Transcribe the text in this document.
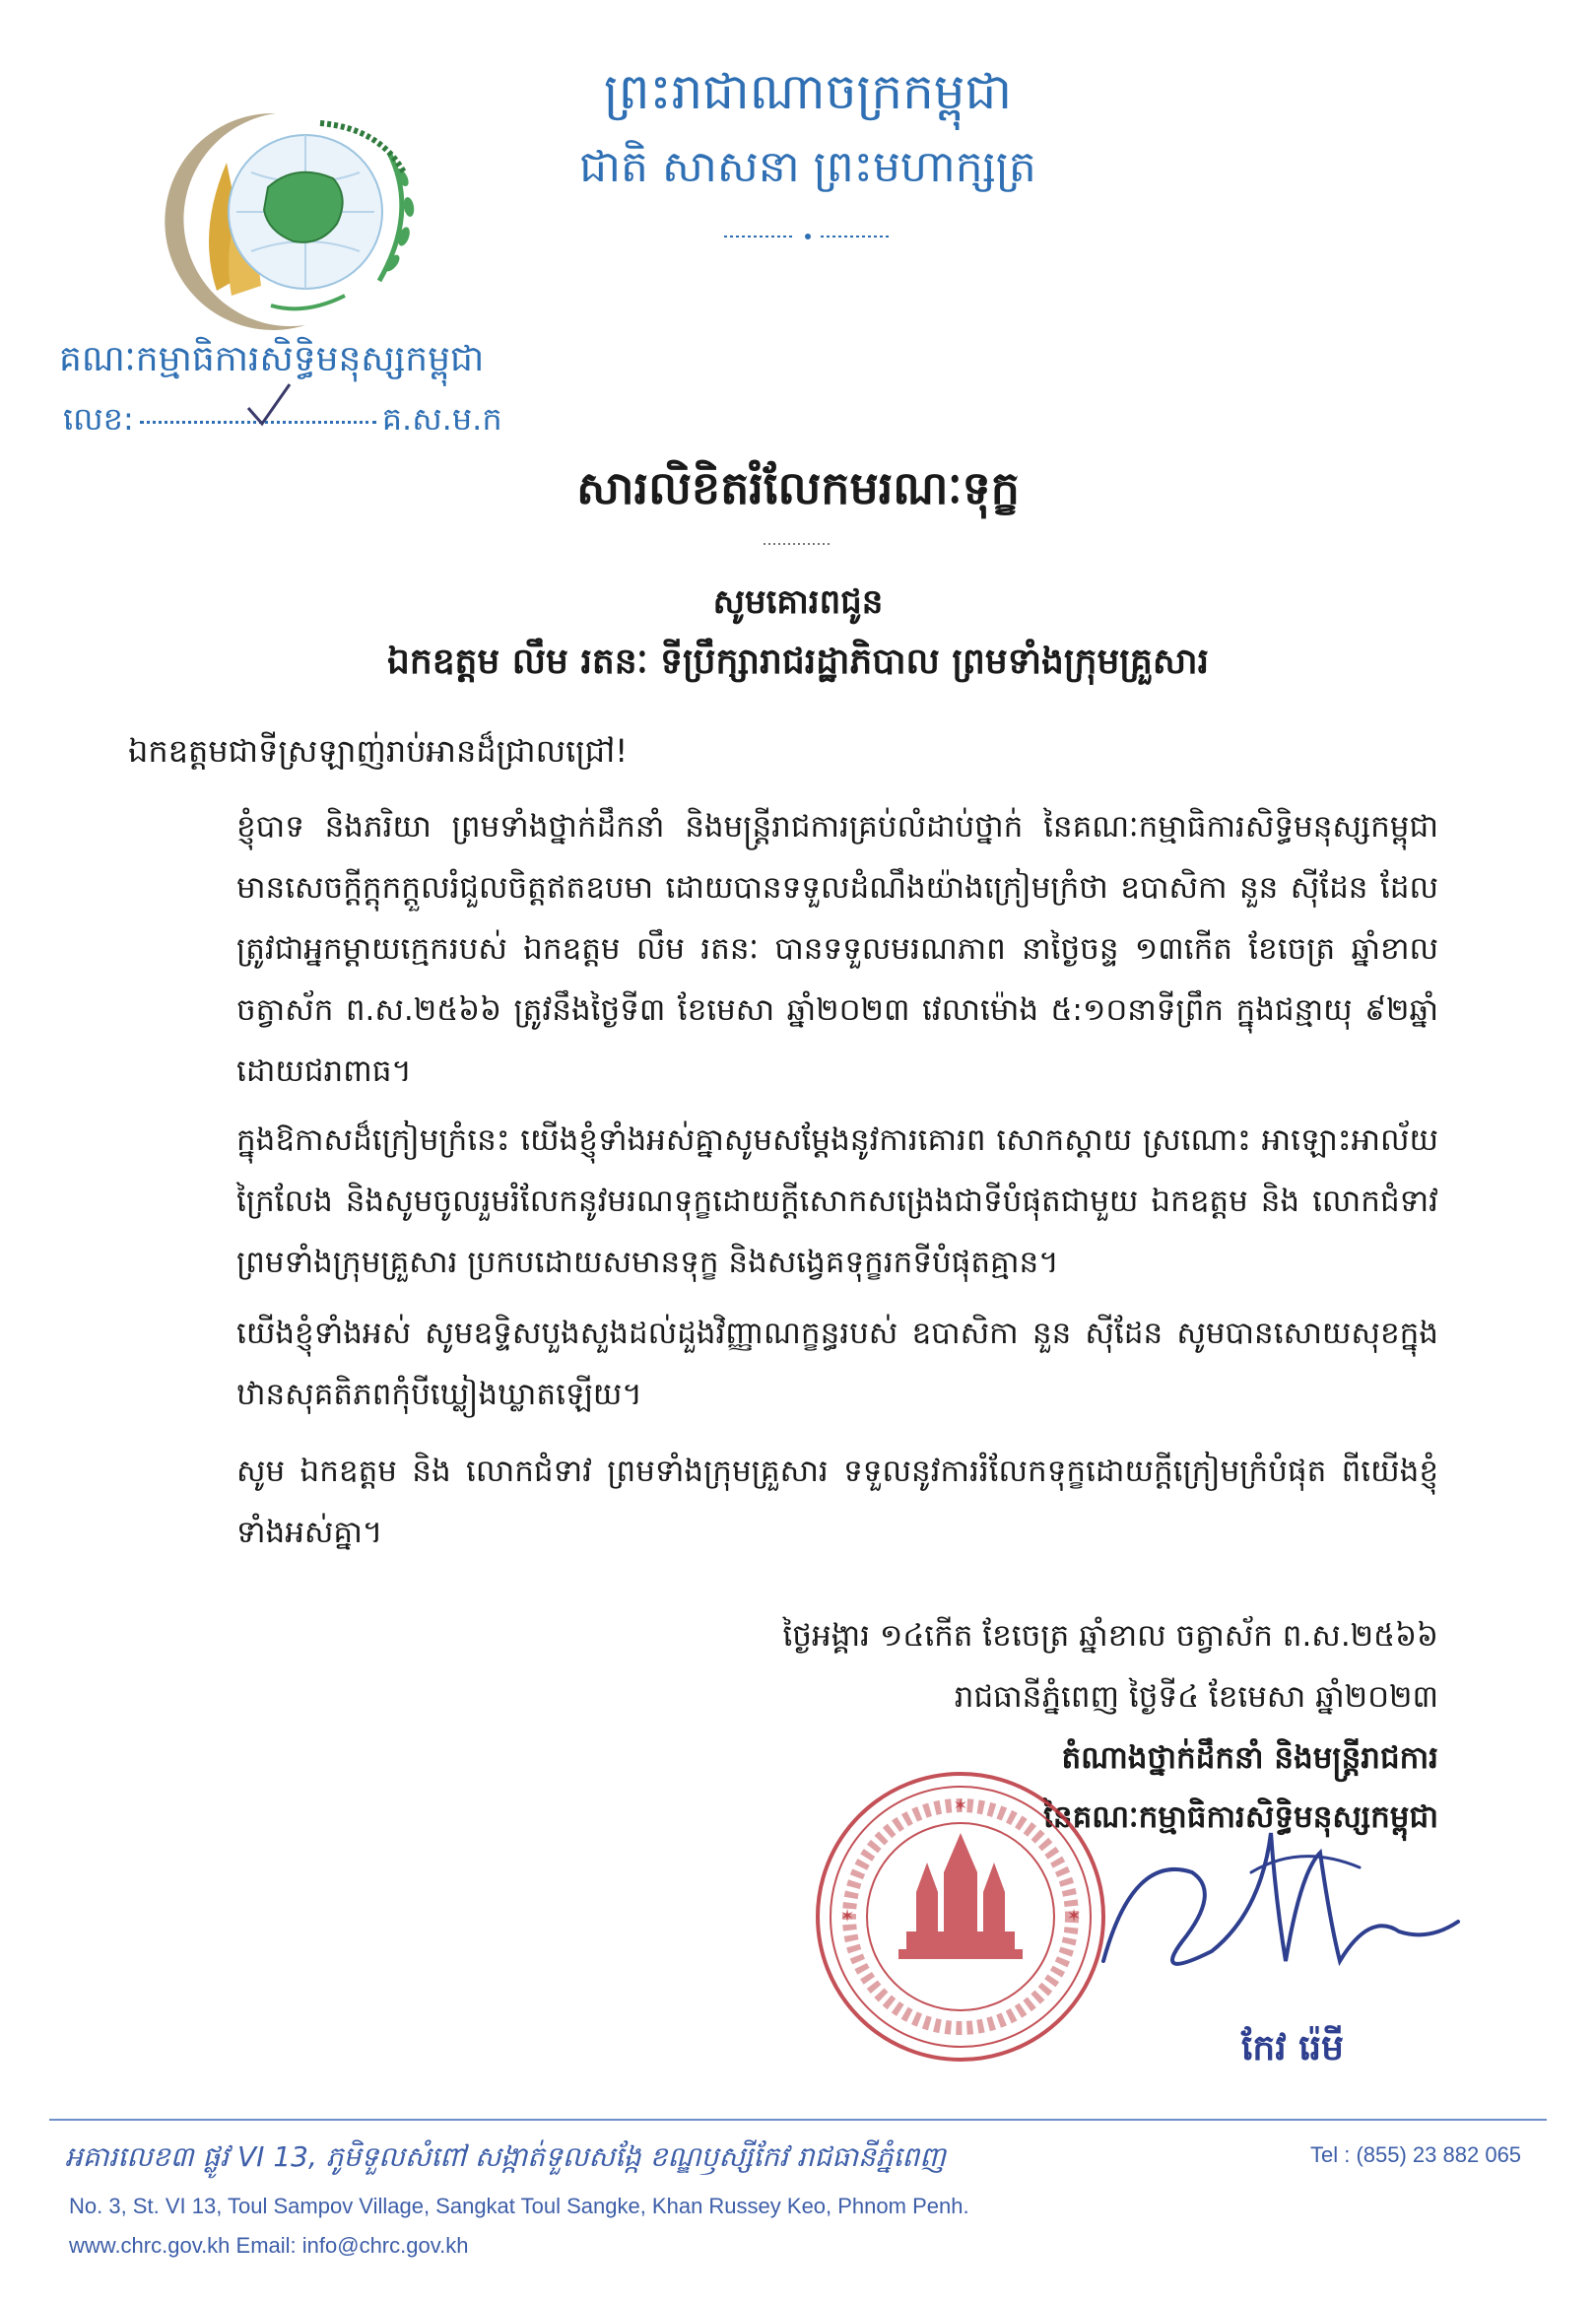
ព្រះរាជាណាចក្រកម្ពុជា
ជាតិ សាសនា ព្រះមហាក្សត្រ
គណៈកម្មាធិការសិទ្ធិមនុស្សកម្ពុជា
លេខ:	គ.ស.ម.ក
សារលិខិតរំលែកមរណៈទុក្ខ
សូមគោរពជូន
ឯកឧត្តម លឹម រតនៈ ទីប្រឹក្សារាជរដ្ឋាភិបាល ព្រមទាំងក្រុមគ្រួសារ
ឯកឧត្តមជាទីស្រឡាញ់រាប់អានដ៏ជ្រាលជ្រៅ!
ខ្ញុំបាទ និងភរិយា ព្រមទាំងថ្នាក់ដឹកនាំ និងមន្ត្រីរាជការគ្រប់លំដាប់ថ្នាក់ នៃគណៈកម្មាធិការសិទ្ធិមនុស្សកម្ពុជា មានសេចក្តីក្តុកក្តួលរំជួលចិត្តឥតឧបមា ដោយបានទទួលដំណឹងយ៉ាងក្រៀមក្រំថា ឧបាសិកា នួន ស៊ីដែន ដែលត្រូវជាអ្នកម្តាយក្មេករបស់ ឯកឧត្តម លឹម រតនៈ បានទទួលមរណភាព នាថ្ងៃចន្ទ ១៣កើត ខែចេត្រ ឆ្នាំខាល ចត្វាស័ក ព.ស.២៥៦៦ ត្រូវនឹងថ្ងៃទី៣ ខែមេសា ឆ្នាំ២០២៣ វេលាម៉ោង ៥:១០នាទីព្រឹក ក្នុងជន្មាយុ ៩២ឆ្នាំ ដោយជរាពាធ។
ក្នុងឱកាសដ៏ក្រៀមក្រំនេះ យើងខ្ញុំទាំងអស់គ្នាសូមសម្តែងនូវការគោរព សោកស្តាយ ស្រណោះ អាឡោះអាល័យក្រៃលែង និងសូមចូលរួមរំលែកនូវមរណទុក្ខដោយក្តីសោកសង្រេងជាទីបំផុតជាមួយ ឯកឧត្តម និង លោកជំទាវ ព្រមទាំងក្រុមគ្រួសារ ប្រកបដោយសមានទុក្ខ និងសង្វេគទុក្ខរកទីបំផុតគ្មាន។
យើងខ្ញុំទាំងអស់ សូមឧទ្ទិសបួងសួងដល់ដួងវិញ្ញាណក្ខន្ធរបស់ ឧបាសិកា នួន ស៊ីដែន សូមបានសោយសុខក្នុងឋានសុគតិភពកុំបីឃ្លៀងឃ្លាតឡើយ។
សូម ឯកឧត្តម និង លោកជំទាវ ព្រមទាំងក្រុមគ្រួសារ ទទួលនូវការរំលែកទុក្ខដោយក្តីក្រៀមក្រំបំផុត ពីយើងខ្ញុំទាំងអស់គ្នា។
ថ្ងៃអង្គារ ១៤កើត ខែចេត្រ ឆ្នាំខាល ចត្វាស័ក ព.ស.២៥៦៦
រាជធានីភ្នំពេញ ថ្ងៃទី៤ ខែមេសា ឆ្នាំ២០២៣
តំណាងថ្នាក់ដឹកនាំ និងមន្ត្រីរាជការ
នៃគណៈកម្មាធិការសិទ្ធិមនុស្សកម្ពុជា
✶
✶	✶
កែវ រ៉េមី
អគារលេខ៣ ផ្លូវ VI 13, ភូមិទួលសំពៅ សង្កាត់ទួលសង្កែ ខណ្ឌឫស្សីកែវ រាជធានីភ្នំពេញ
No. 3, St. VI 13, Toul Sampov Village, Sangkat Toul Sangke, Khan Russey Keo, Phnom Penh.
www.chrc.gov.kh Email: info@chrc.gov.kh
Tel : (855) 23 882 065
